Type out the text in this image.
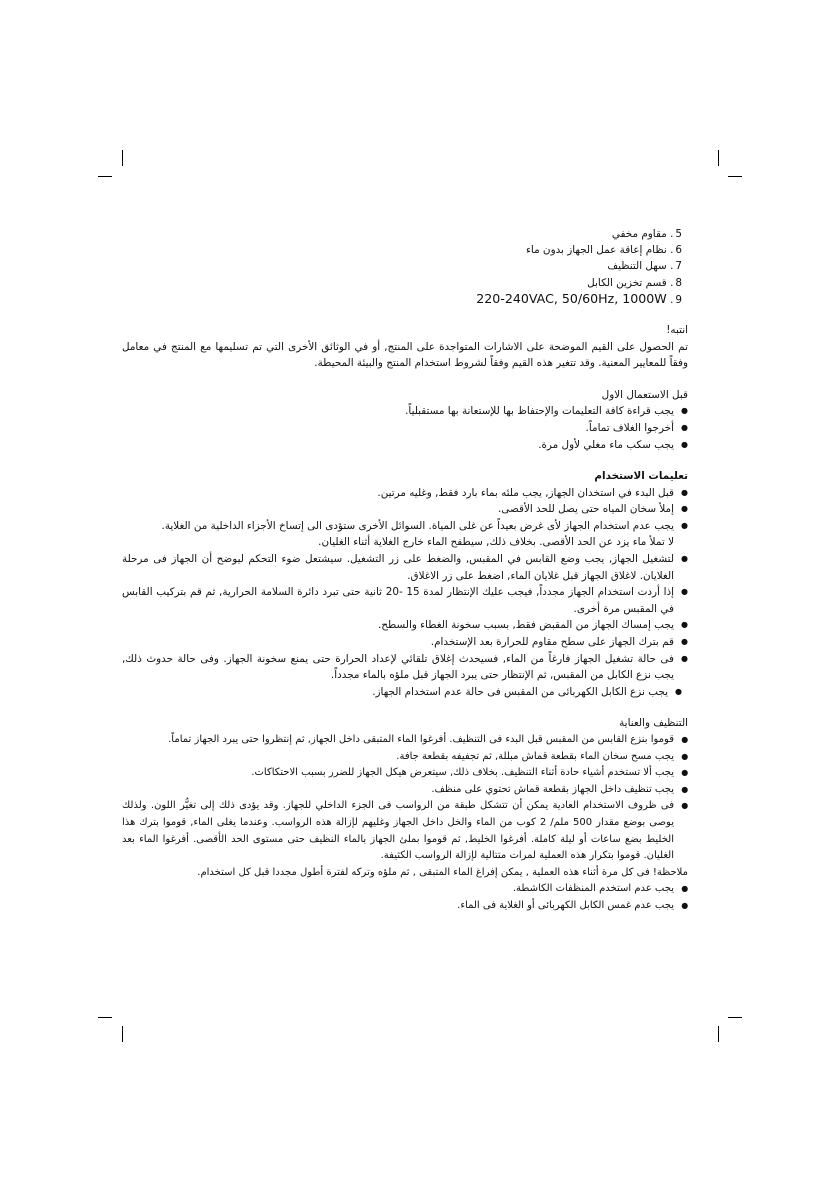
5. مقاوم مخفي
6. نظام إعاقة عمل الجهاز بدون ماء
7. سهل التنظيف
8. قسم تخزين الكابل
9. 220-240VAC, 50/60Hz, 1000W

انتبه!

تم الحصول على القيم الموضحة على الاشارات المتواجدة على المنتج, أو في الوثائق الأخرى التي تم تسليمها مع المنتج في معامل وفقاً للمعايير المعنية. وقد تتغير هذه القيم وفقاً لشروط استخدام المنتج والبيئة المحيطة.

قبل الاستعمال الاول

● يجب قراءة كافة التعليمات والإحتفاظ بها للإستعانة بها مستقبلياً.
● أخرجوا الغلاف تماماً.
● يجب سكب ماء مغلي لأول مرة.

تعليمات الاستخدام

● قبل البدء في استخدان الجهاز, يجب ملئه بماء بارد فقط, وغليه مرتين.
● إملأ سخان المياه حتى يصل للحد الأقصى.
● يجب عدم استخدام الجهاز لأى غرض بعيداً عن غلى المياة. السوائل الأخرى ستؤدى الى إتساخ الأجزاء الداخلية من الغلاية.

لا تملأ ماء يزد عن الحد الأقصى. بخلاف ذلك, سيطفح الماء خارج الغلاية أثناء الغليان.

● لتشغيل الجهاز, يجب وضع القابس في المقبس, والضغط على زر التشغيل. سيشتعل ضوء التحكم ليوضح أن الجهاز فى مرحلة الغلايان. لاغلاق الجهاز قبل غلايان الماء, اضغط على زر الاغلاق.
● إذا أردت استخدام الجهاز مجدداً, فيجب عليك الإنتظار لمدة 15 -20 ثانية حتى تبرد دائرة السلامة الحرارية, ثم قم بتركيب القابس في المقبس مرة أخرى.
● يجب إمساك الجهاز من المقبض فقط, بسبب سخونة الغطاء والسطح.
● قم بترك الجهاز على سطح مقاوم للحرارة بعد الإستخدام.
● فى حالة تشغيل الجهاز فارغاً من الماء, فسيحدث إغلاق تلقائي لإعداد الحرارة حتى يمنع سخونة الجهاز. وفى حالة حدوث ذلك, يجب نزع الكابل من المقبس, ثم الإنتظار حتى يبرد الجهاز قبل ملؤه بالماء مجدداً.
● يجب نزع الكابل الكهربائى من المقبس فى حالة عدم استخدام الجهاز.

التنظيف والعناية

● قوموا بنزع القابس من المقبس قبل البدء فى التنظيف. أفرغوا الماء المتبقى داخل الجهاز, ثم إنتظروا حتى يبرد الجهاز تماماً.
● يجب مسح سخان الماء بقطعة قماش مبللة, ثم تجفيفه بقطعة جافة.
● يجب ألا تستخدم أشياء حادة أثناء التنظيف. بخلاف ذلك, سيتعرض هيكل الجهاز للضرر بسبب الاحتكاكات.
● يجب تنظيف داخل الجهاز بقطعة قماش تحتوي على منظف.
● فى ظروف الاستخدام العادية يمكن أن تتشكل طبقة من الرواسب فى الجزء الداخلي للجهاز. وقد يؤدى ذلك إلى تغيُّر اللون. ولذلك يوصى بوضع مقدار 500 ملم/ 2 كوب من الماء والخل داخل الجهاز وغليهم لإزالة هذه الرواسب. وعندما يغلى الماء, قوموا بترك هذا الخليط بضع ساعات أو ليلة كاملة. أفرغوا الخليط, ثم قوموا بملئ الجهاز بالماء النظيف حتى مستوى الحد الأقصى. أفرغوا الماء بعد الغليان. قوموا بتكرار هذه العملية لمرات متتالية لإزالة الرواسب الكثيفة.

ملاحظة! فى كل مرة أثناء هذه العملية , يمكن إفراغ الماء المتبقى , ثم ملؤه وتركه لفترة أطول مجددا قبل كل استخدام.

● يجب عدم استخدم المنظفات الكاشطة.
● يجب عدم غمس الكابل الكهربائى أو الغلاية فى الماء.
